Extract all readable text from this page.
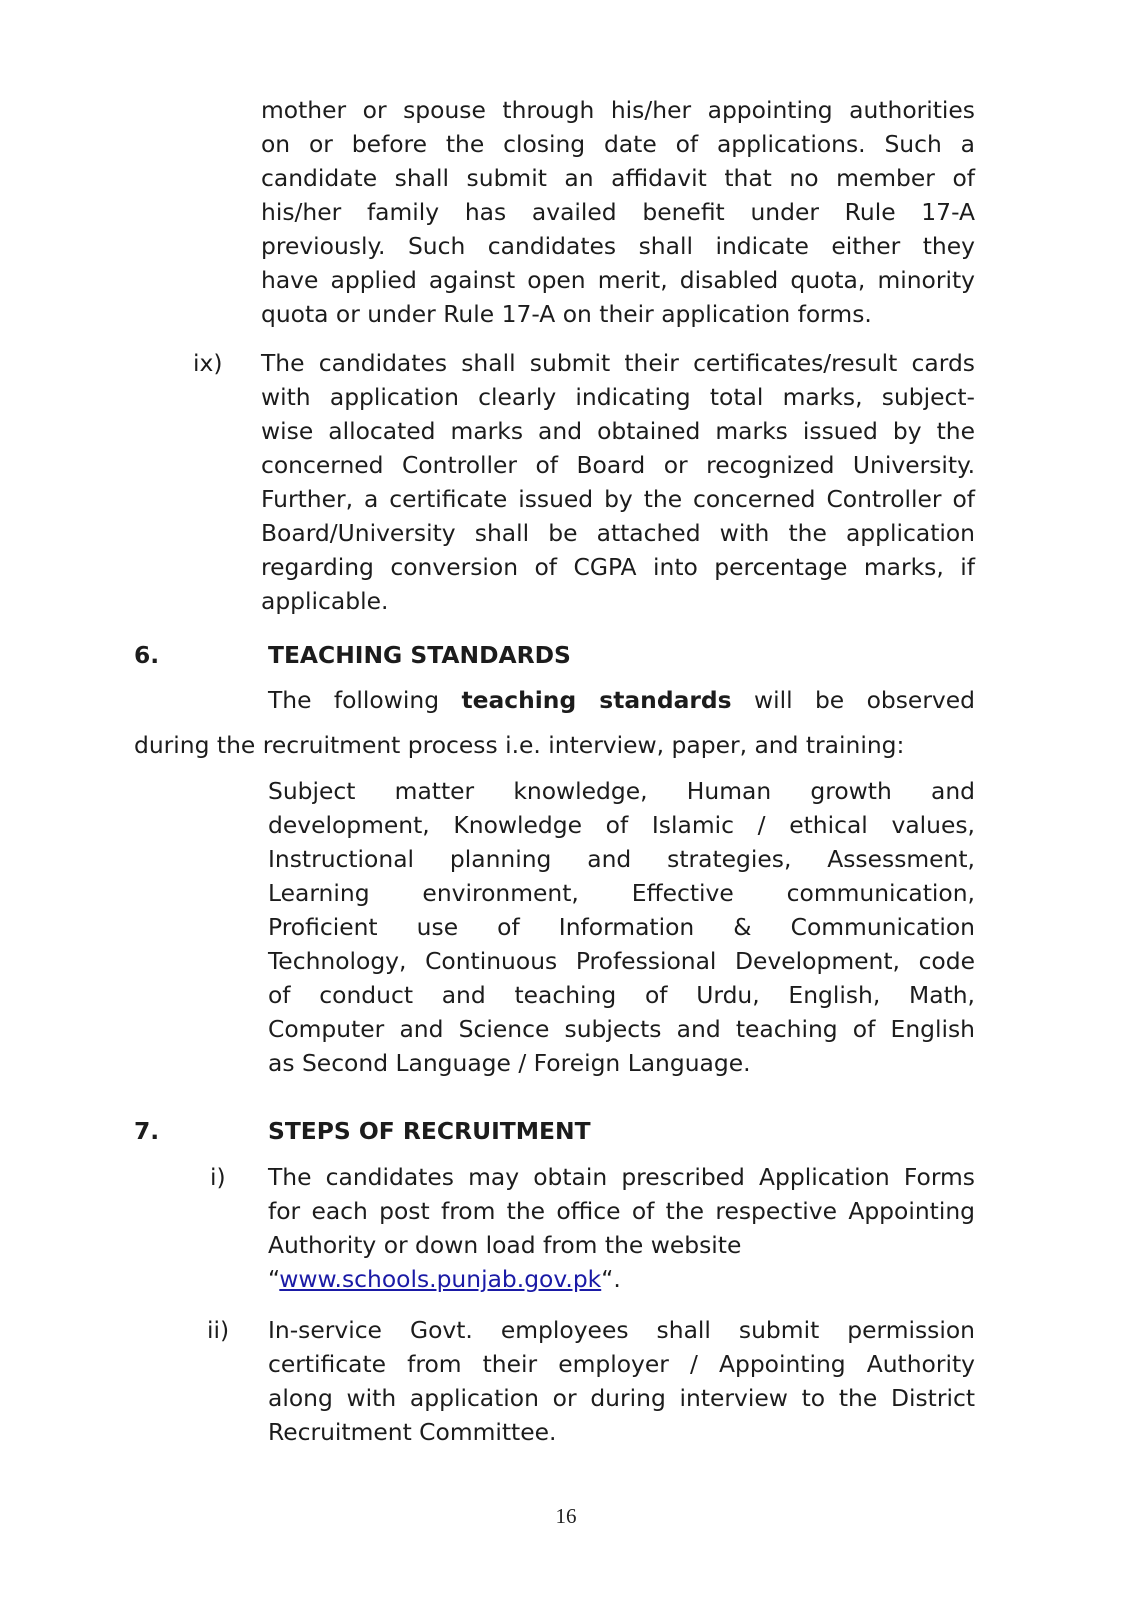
mother or spouse through his/her appointing authorities
on or before the closing date of applications. Such a
candidate shall submit an affidavit that no member of
his/her family has availed benefit under Rule 17-A
previously. Such candidates shall indicate either they
have applied against open merit, disabled quota, minority
quota or under Rule 17-A on their application forms.
ix) The candidates shall submit their certificates/result cards
with application clearly indicating total marks, subject-
wise allocated marks and obtained marks issued by the
concerned Controller of Board or recognized University.
Further, a certificate issued by the concerned Controller of
Board/University shall be attached with the application
regarding conversion of CGPA into percentage marks, if
applicable.
6.	TEACHING STANDARDS
The following teaching standards will be observed
during the recruitment process i.e. interview, paper, and training:
Subject matter knowledge, Human growth and
development, Knowledge of Islamic / ethical values,
Instructional planning and strategies, Assessment,
Learning environment, Effective communication,
Proficient use of Information & Communication
Technology, Continuous Professional Development, code
of conduct and teaching of Urdu, English, Math,
Computer and Science subjects and teaching of English
as Second Language / Foreign Language.
7.	STEPS OF RECRUITMENT
i) The candidates may obtain prescribed Application Forms
for each post from the office of the respective Appointing
Authority or down load from the website
“www.schools.punjab.gov.pk“.
ii) In-service Govt. employees shall submit permission
certificate from their employer / Appointing Authority
along with application or during interview to the District
Recruitment Committee.
16
